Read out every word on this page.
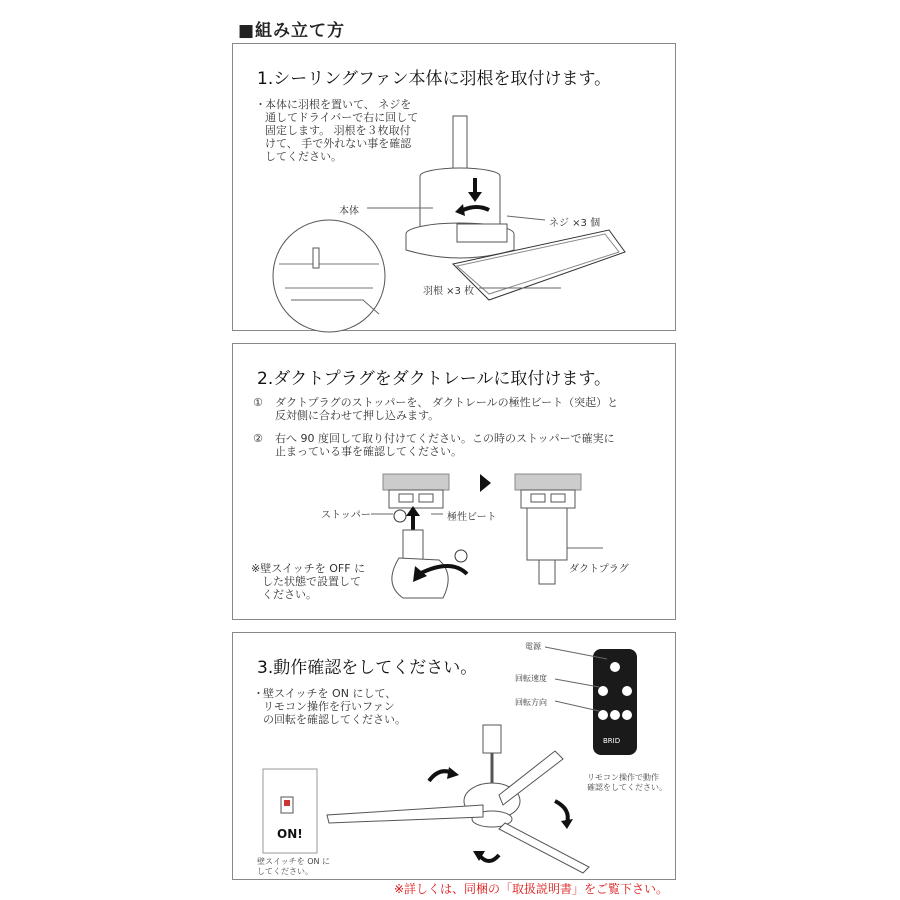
■組み立て方
1.シーリングファン本体に羽根を取付けます。
・ 本体に羽根を置いて、 ネジを
通してドライバーで右に回して
固定します。 羽根を３枚取付
けて、 手で外れない事を確認
してください。
本体
ネジ ×3 個
羽根 ×3 枚
2.ダクトプラグをダクトレールに取付けます。
① ダクトプラグのストッパーを、 ダクトレールの極性ビート（突起）と
反対側に合わせて押し込みます。
② 右へ 90 度回して取り付けてください。この時のストッパーで確実に
止まっている事を確認してください。
ストッパー	極性ビート
ダクトプラグ
※壁スイッチを OFF に
　した状態で設置して
　ください。
3.動作確認をしてください。
・ 壁スイッチを ON にして、
リモコン操作を行いファン
の回転を確認してください。
電源
回転速度
回転方向
BRID
リモコン操作で動作
確認をしてください。
ON!
壁スイッチを ON に
してください。
※詳しくは、同梱の「取扱説明書」をご覧下さい。
